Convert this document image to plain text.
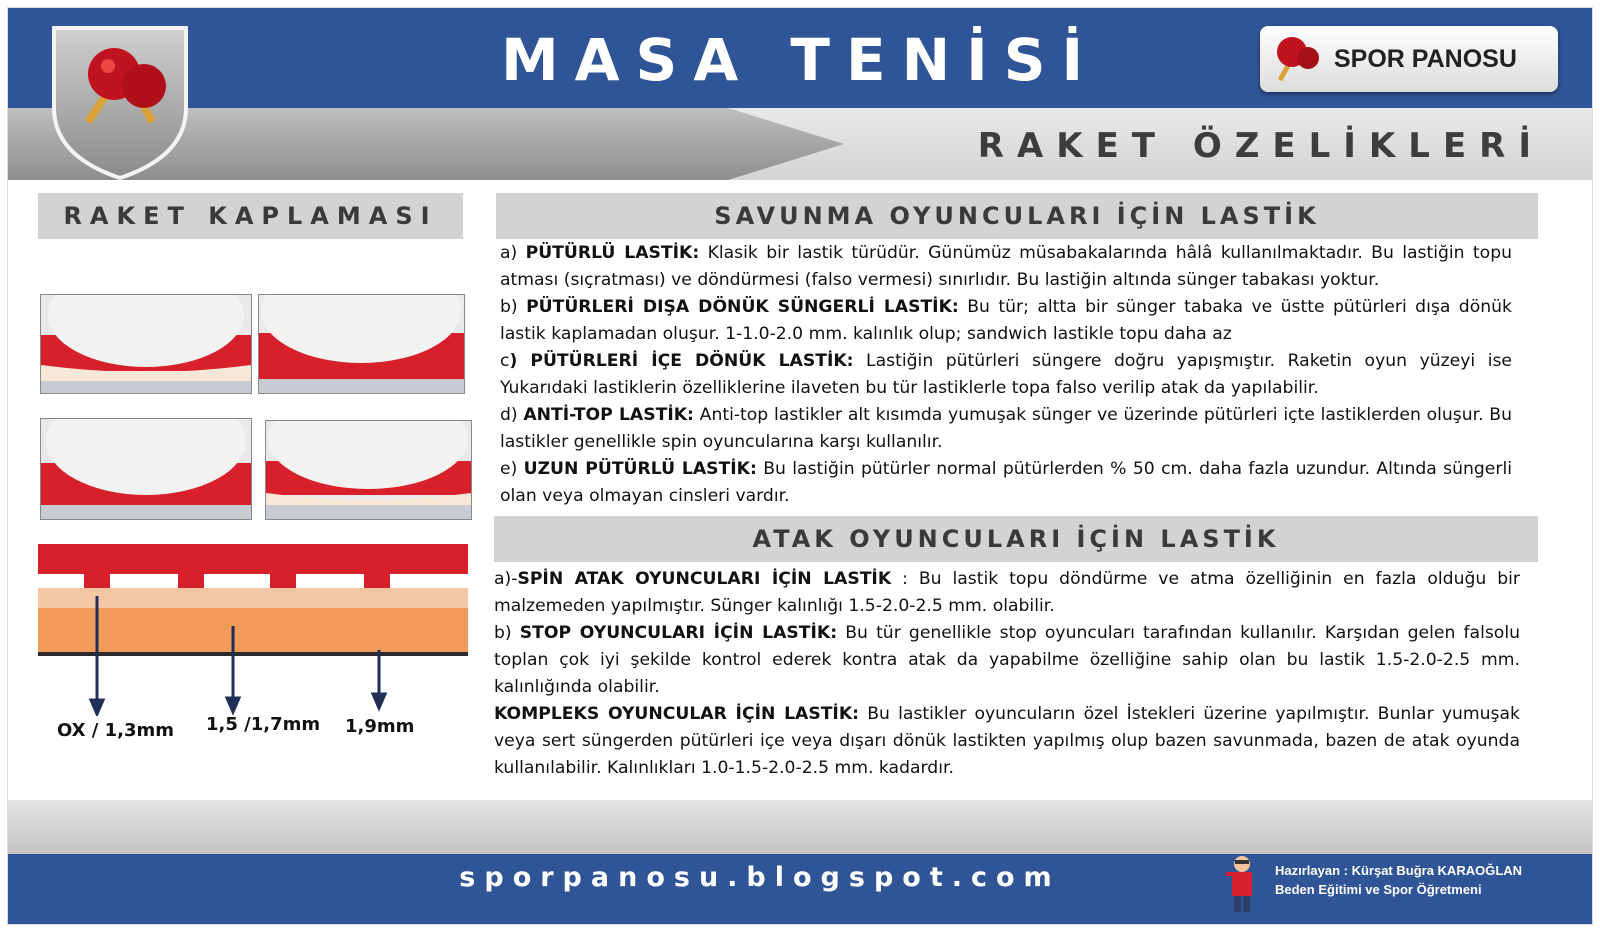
MASA TENİSİ
RAKET ÖZELİKLERİ
SPOR PANOSU
RAKET KAPLAMASI
OX / 1,3mm 1,5 /1,7mm 1,9mm
SAVUNMA OYUNCULARI İÇİN LASTİK
a) PÜTÜRLÜ LASTİK: Klasik bir lastik türüdür. Günümüz müsabakalarında hâlâ kullanılmaktadır. Bu lastiğin topu atması (sıçratması) ve döndürmesi (falso vermesi) sınırlıdır. Bu lastiğin altında sünger tabakası yoktur.
b) PÜTÜRLERİ DIŞA DÖNÜK SÜNGERLİ LASTİK: Bu tür; altta bir sünger tabaka ve üstte pütürleri dışa dönük lastik kaplamadan oluşur. 1-1.0-2.0 mm. kalınlık olup; sandwich lastikle topu daha az
c) PÜTÜRLERİ İÇE DÖNÜK LASTİK: Lastiğin pütürleri süngere doğru yapışmıştır. Raketin oyun yüzeyi ise Yukarıdaki lastiklerin özelliklerine ilaveten bu tür lastiklerle topa falso verilip atak da yapılabilir.
d) ANTİ-TOP LASTİK: Anti-top lastikler alt kısımda yumuşak sünger ve üzerinde pütürleri içte lastiklerden oluşur. Bu lastikler genellikle spin oyuncularına karşı kullanılır.
e) UZUN PÜTÜRLÜ LASTİK: Bu lastiğin pütürler normal pütürlerden % 50 cm. daha fazla uzundur. Altında süngerli olan veya olmayan cinsleri vardır.
ATAK OYUNCULARI İÇİN LASTİK
a)-SPİN ATAK OYUNCULARI İÇİN LASTİK : Bu lastik topu döndürme ve atma özelliğinin en fazla olduğu bir malzemeden yapılmıştır. Sünger kalınlığı 1.5-2.0-2.5 mm. olabilir.
b) STOP OYUNCULARI İÇİN LASTİK: Bu tür genellikle stop oyuncuları tarafından kullanılır. Karşıdan gelen falsolu toplan çok iyi şekilde kontrol ederek kontra atak da yapabilme özelliğine sahip olan bu lastik 1.5-2.0-2.5 mm. kalınlığında olabilir.
KOMPLEKS OYUNCULAR İÇİN LASTİK: Bu lastikler oyuncuların özel İstekleri üzerine yapılmıştır. Bunlar yumuşak veya sert süngerden pütürleri içe veya dışarı dönük lastikten yapılmış olup bazen savunmada, bazen de atak oyunda kullanılabilir. Kalınlıkları 1.0-1.5-2.0-2.5 mm. kadardır.
sporpanosu.blogspot.com	Hazırlayan : Kürşat Buğra KARAOĞLAN
Beden Eğitimi ve Spor Öğretmeni
